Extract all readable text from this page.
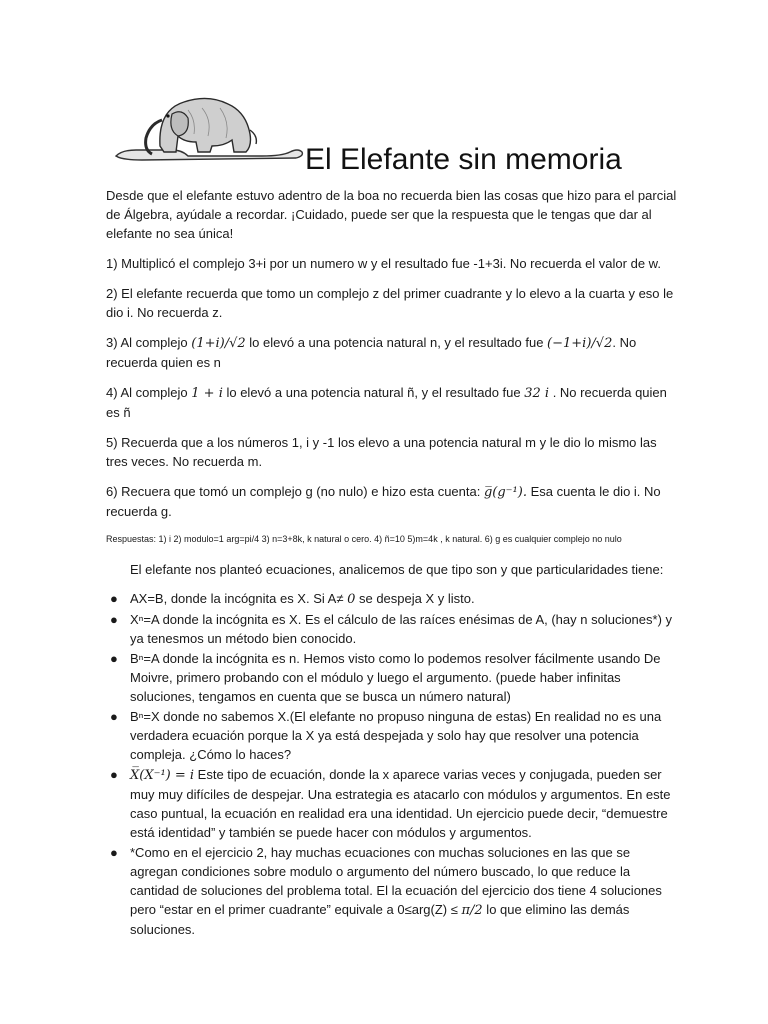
El Elefante sin memoria

Desde que el elefante estuvo adentro de la boa no recuerda bien las cosas que hizo para el parcial de Álgebra, ayúdale a recordar. ¡Cuidado, puede ser que la respuesta que le tengas que dar al elefante no sea única!

1) Multiplicó el complejo 3+i por un numero w y el resultado fue -1+3i. No recuerda el valor de w.

2) El elefante recuerda que tomo un complejo z del primer cuadrante y lo elevo a la cuarta y eso le dio i. No recuerda z.

3) Al complejo (1+i)/√2 lo elevó a una potencia natural n, y el resultado fue (−1+i)/√2. No recuerda quien es n

4) Al complejo 1 + i lo elevó a una potencia natural ñ, y el resultado fue 32 i . No recuerda quien es ñ

5) Recuerda que a los números 1, i y -1 los elevo a una potencia natural m y le dio lo mismo las tres veces. No recuerda m.

6) Recuera que tomó un complejo g (no nulo) e hizo esta cuenta: g̅(g⁻¹). Esa cuenta le dio i. No recuerda g.

Respuestas: 1) i 2) modulo=1 arg=pi/4 3) n=3+8k, k natural o cero. 4) ñ=10 5)m=4k , k natural. 6) g es cualquier complejo no nulo

El elefante nos planteó ecuaciones, analicemos de que tipo son y que particularidades tiene:

● AX=B, donde la incógnita es X. Si A≠ 0 se despeja X y listo.
● Xⁿ=A donde la incógnita es X. Es el cálculo de las raíces enésimas de A, (hay n soluciones*) y ya tenesmos un método bien conocido.
● Bⁿ=A donde la incógnita es n. Hemos visto como lo podemos resolver fácilmente usando De Moivre, primero probando con el módulo y luego el argumento. (puede haber infinitas soluciones, tengamos en cuenta que se busca un número natural)
● Bⁿ=X donde no sabemos X.(El elefante no propuso ninguna de estas) En realidad no es una verdadera ecuación porque la X ya está despejada y solo hay que resolver una potencia compleja. ¿Cómo lo haces?
● X̅(X⁻¹) = i Este tipo de ecuación, donde la x aparece varias veces y conjugada, pueden ser muy muy difíciles de despejar. Una estrategia es atacarlo con módulos y argumentos. En este caso puntual, la ecuación en realidad era una identidad. Un ejercicio puede decir, “demuestre está identidad” y también se puede hacer con módulos y argumentos.
● *Como en el ejercicio 2, hay muchas ecuaciones con muchas soluciones en las que se agregan condiciones sobre modulo o argumento del número buscado, lo que reduce la cantidad de soluciones del problema total. El la ecuación del ejercicio dos tiene 4 soluciones pero “estar en el primer cuadrante” equivale a 0≤arg(Z) ≤ π/2 lo que elimino las demás soluciones.
